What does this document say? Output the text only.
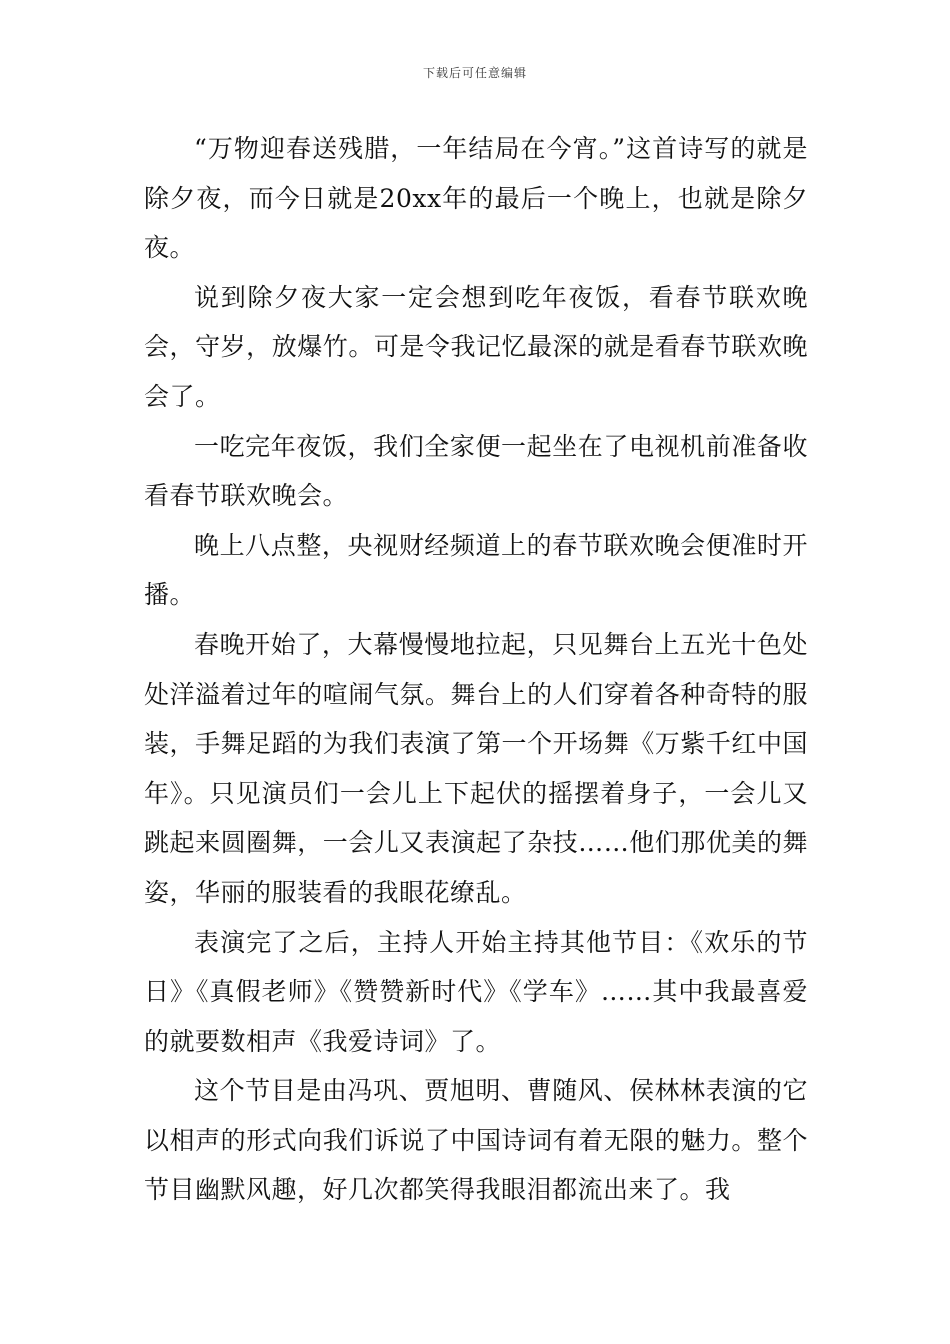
下载后可任意编辑

“万物迎春送残腊，一年结局在今宵。”这首诗写的就是除夕夜，而今日就是20xx年的最后一个晚上，也就是除夕夜。

说到除夕夜大家一定会想到吃年夜饭，看春节联欢晚会，守岁，放爆竹。可是令我记忆最深的就是看春节联欢晚会了。

一吃完年夜饭，我们全家便一起坐在了电视机前准备收看春节联欢晚会。

晚上八点整，央视财经频道上的春节联欢晚会便准时开播。

春晚开始了，大幕慢慢地拉起，只见舞台上五光十色处处洋溢着过年的喧闹气氛。舞台上的人们穿着各种奇特的服装，手舞足蹈的为我们表演了第一个开场舞《万紫千红中国年》。只见演员们一会儿上下起伏的摇摆着身子，一会儿又跳起来圆圈舞，一会儿又表演起了杂技……他们那优美的舞姿，华丽的服装看的我眼花缭乱。

表演完了之后，主持人开始主持其他节目：《欢乐的节日》《真假老师》《赞赞新时代》《学车》……其中我最喜爱的就要数相声《我爱诗词》了。

这个节目是由冯巩、贾旭明、曹随风、侯林林表演的它以相声的形式向我们诉说了中国诗词有着无限的魅力。整个节目幽默风趣，好几次都笑得我眼泪都流出来了。我
